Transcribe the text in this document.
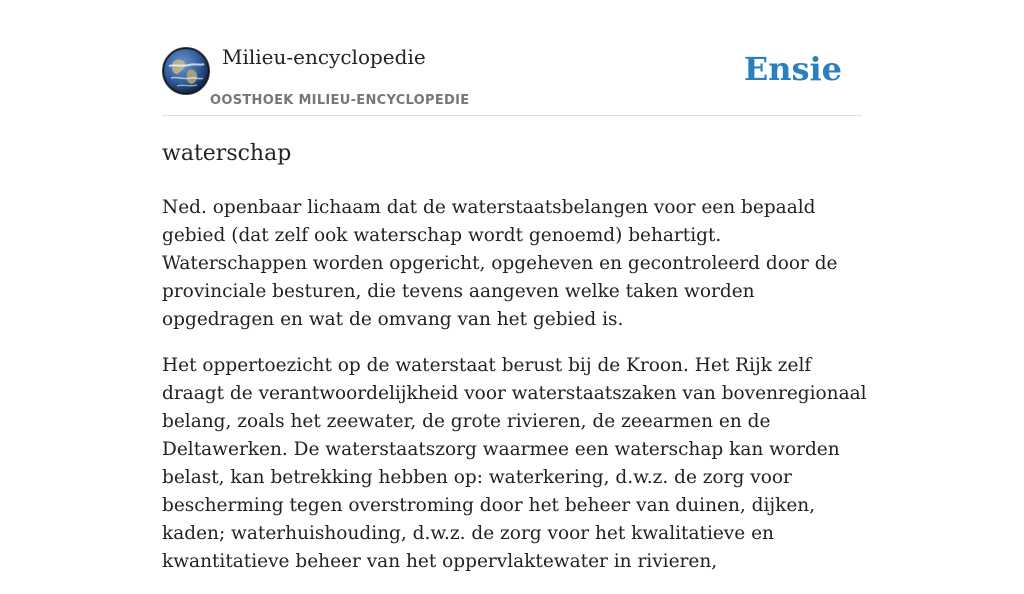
Milieu-encyclopedie
OOSTHOEK MILIEU-ENCYCLOPEDIE
Ensie
waterschap

Ned. openbaar lichaam dat de waterstaatsbelangen voor een bepaald gebied (dat zelf ook waterschap wordt genoemd) behartigt. Waterschappen worden opgericht, opgeheven en gecontroleerd door de provinciale besturen, die tevens aangeven welke taken worden opgedragen en wat de omvang van het gebied is.

Het oppertoezicht op de waterstaat berust bij de Kroon. Het Rijk zelf draagt de verantwoordelijkheid voor waterstaatszaken van bovenregionaal belang, zoals het zeewater, de grote rivieren, de zeearmen en de Deltawerken. De waterstaatszorg waarmee een waterschap kan worden belast, kan betrekking hebben op: waterkering, d.w.z. de zorg voor bescherming tegen overstroming door het beheer van duinen, dijken, kaden; waterhuishouding, d.w.z. de zorg voor het kwalitatieve en kwantitatieve beheer van het oppervlaktewater in rivieren,
